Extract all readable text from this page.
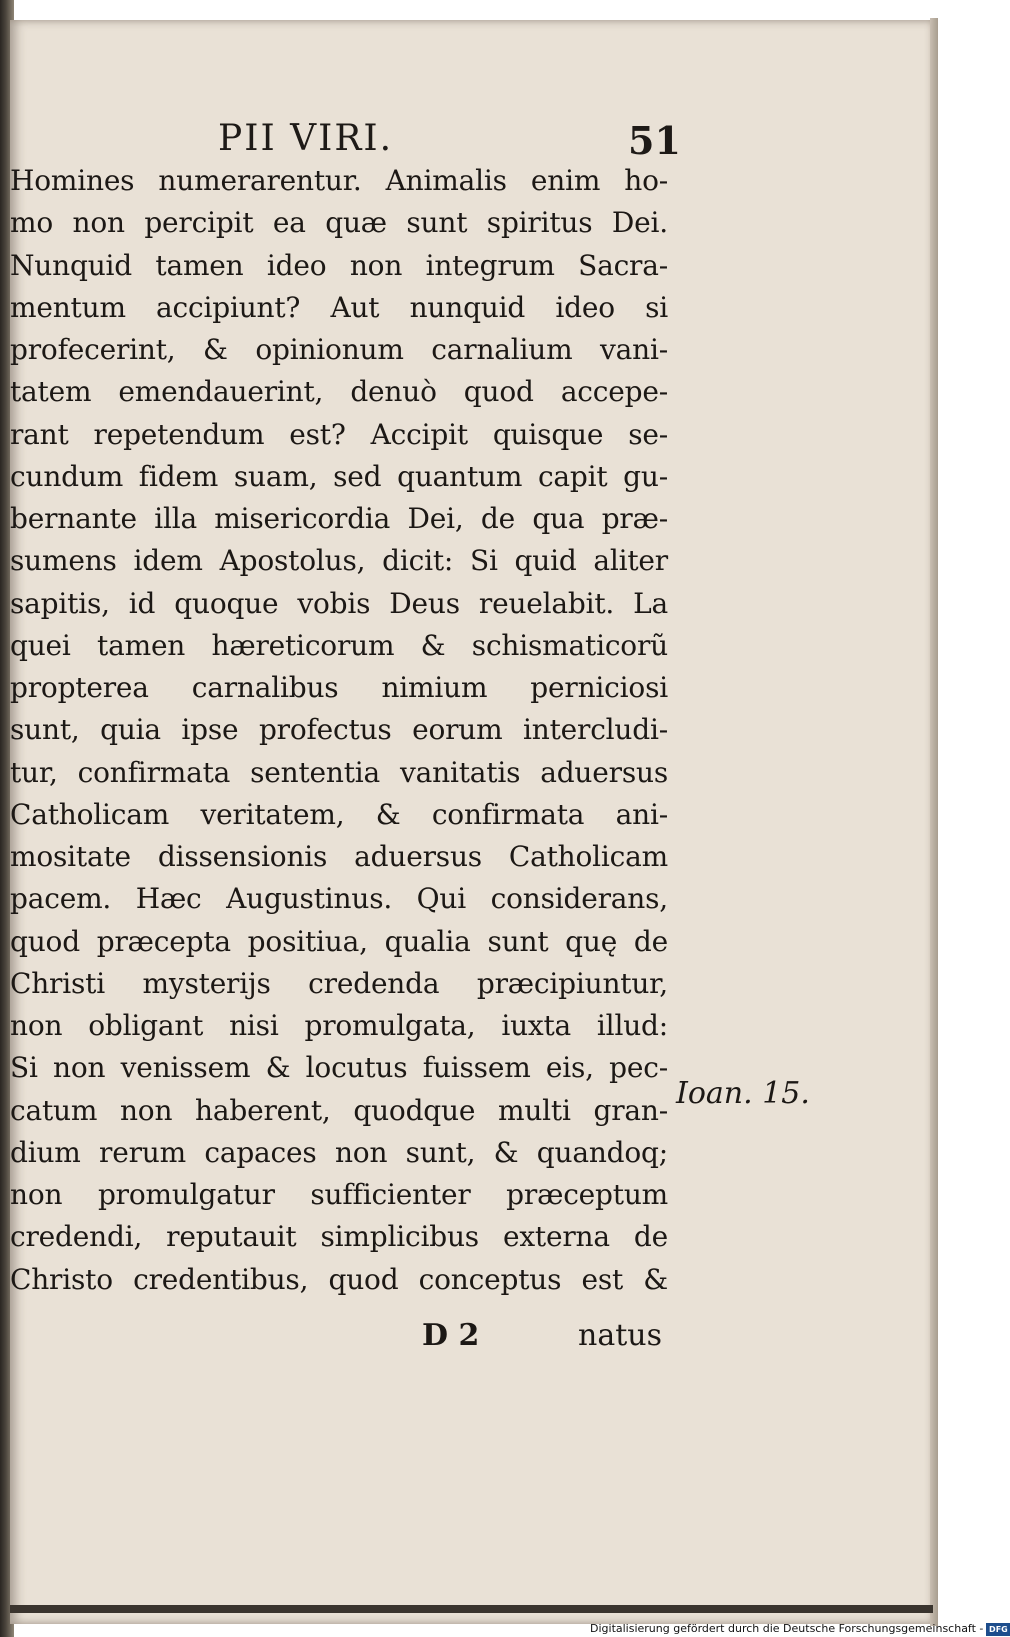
PII VIRI.	51
Homines numerarentur. Animalis enim ho-
mo non percipit ea quæ sunt spiritus Dei.
Nunquid tamen ideo non integrum Sacra-
mentum accipiunt? Aut nunquid ideo si
profecerint, & opinionum carnalium vani-
tatem emendauerint, denuò quod accepe-
rant repetendum est? Accipit quisque se-
cundum fidem suam, sed quantum capit gu-
bernante illa misericordia Dei, de qua præ-
sumens idem Apostolus, dicit: Si quid aliter
sapitis, id quoque vobis Deus reuelabit. La
quei tamen hæreticorum & schismaticorũ
propterea carnalibus nimium perniciosi
sunt, quia ipse profectus eorum intercludi-
tur, confirmata sententia vanitatis aduersus
Catholicam veritatem, & confirmata ani-
mositate dissensionis aduersus Catholicam
pacem. Hæc Augustinus. Qui considerans,
quod præcepta positiua, qualia sunt quę de
Christi mysterijs credenda præcipiuntur,
non obligant nisi promulgata, iuxta illud:
Si non venissem & locutus fuissem eis, pec-
catum non haberent, quodque multi gran-
dium rerum capaces non sunt, & quandoq;
non promulgatur sufficienter præceptum
credendi, reputauit simplicibus externa de
Christo credentibus, quod conceptus est &
Ioan. 15.
D 2	natus
Digitalisierung gefördert durch die Deutsche Forschungsgemeinschaft - DFG
